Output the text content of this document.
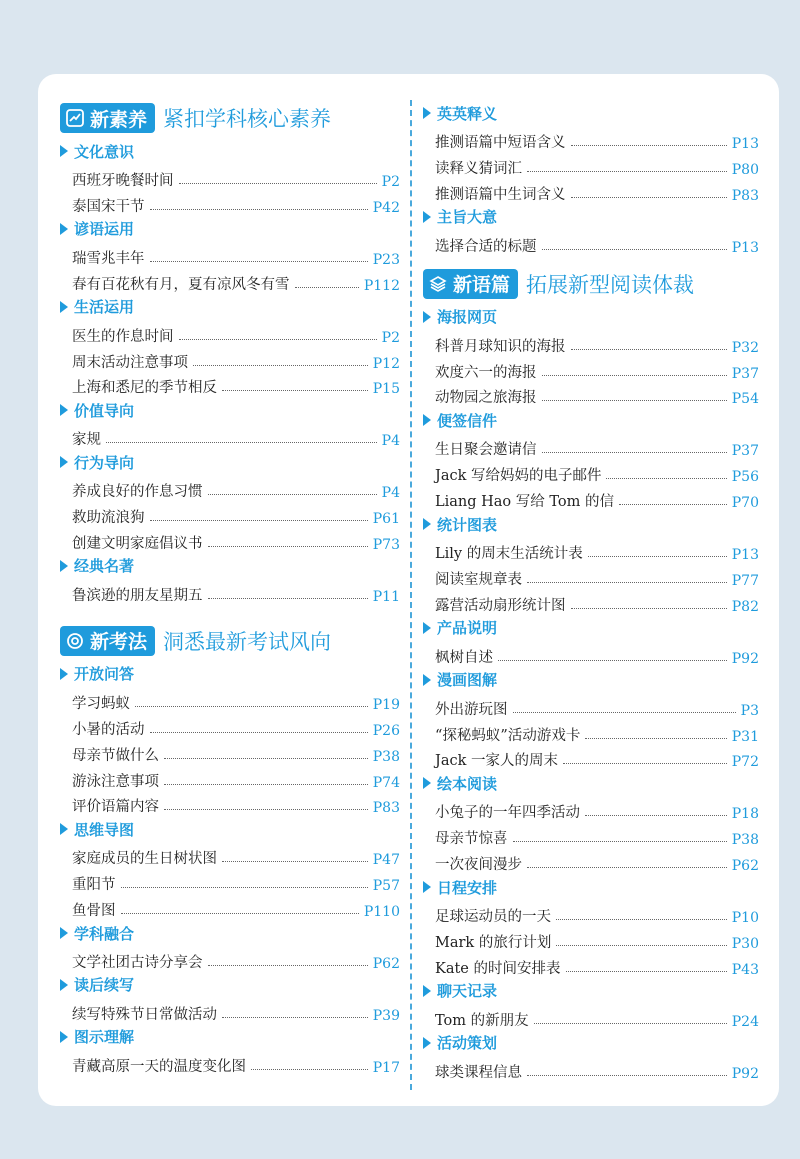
新素养 紧扣学科核心素养
文化意识
西班牙晚餐时间	P2
泰国宋干节	P42
谚语运用
瑞雪兆丰年	P23
春有百花秋有月，夏有凉风冬有雪	P112
生活运用
医生的作息时间	P2
周末活动注意事项	P12
上海和悉尼的季节相反	P15
价值导向
家规	P4
行为导向
养成良好的作息习惯	P4
救助流浪狗	P61
创建文明家庭倡议书	P73
经典名著
鲁滨逊的朋友星期五	P11
新考法 洞悉最新考试风向
开放问答
学习蚂蚁	P19
小暑的活动	P26
母亲节做什么	P38
游泳注意事项	P74
评价语篇内容	P83
思维导图
家庭成员的生日树状图	P47
重阳节	P57
鱼骨图	P110
学科融合
文学社团古诗分享会	P62
读后续写
续写特殊节日常做活动	P39
图示理解
青藏高原一天的温度变化图	P17
英英释义
推测语篇中短语含义	P13
读释义猜词汇	P80
推测语篇中生词含义	P83
主旨大意
选择合适的标题	P13
新语篇 拓展新型阅读体裁
海报网页
科普月球知识的海报	P32
欢度六一的海报	P37
动物园之旅海报	P54
便签信件
生日聚会邀请信	P37
Jack 写给妈妈的电子邮件	P56
Liang Hao 写给 Tom 的信	P70
统计图表
Lily 的周末生活统计表	P13
阅读室规章表	P77
露营活动扇形统计图	P82
产品说明
枫树自述	P92
漫画图解
外出游玩图	P3
“探秘蚂蚁”活动游戏卡	P31
Jack 一家人的周末	P72
绘本阅读
小兔子的一年四季活动	P18
母亲节惊喜	P38
一次夜间漫步	P62
日程安排
足球运动员的一天	P10
Mark 的旅行计划	P30
Kate 的时间安排表	P43
聊天记录
Tom 的新朋友	P24
活动策划
球类课程信息	P92
